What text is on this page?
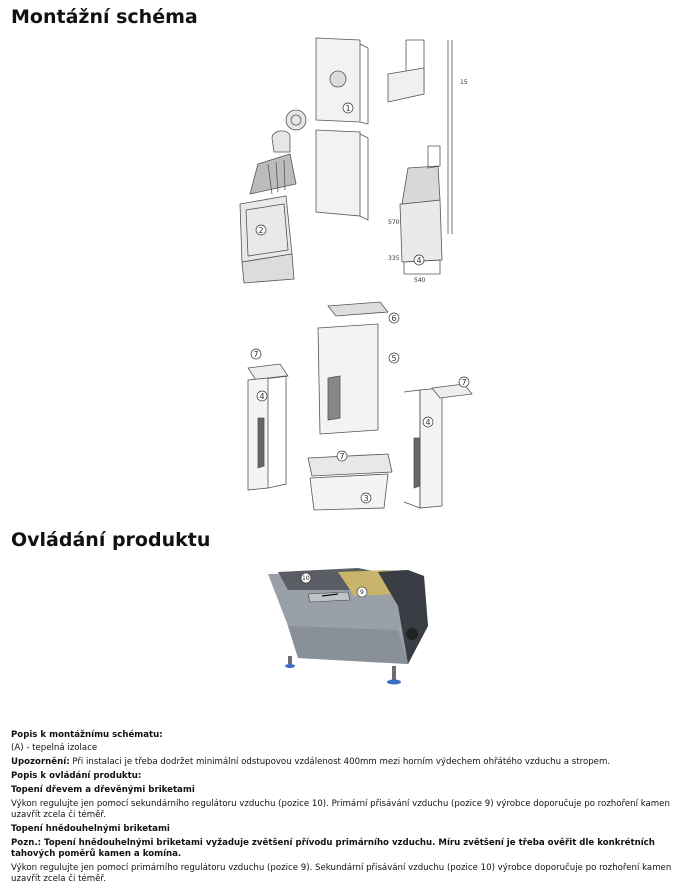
Montážní schéma
1
2
4
570
335
540
15
6
5
7
7
7
4
4
3
Ovládání produktu
10
9
Popis k montážnímu schématu:
(A) - tepelná izolace
Upozornění: Při instalaci je třeba dodržet minimální odstupovou vzdálenost 400mm mezi horním výdechem ohřátého vzduchu a stropem.
Popis k ovládání produktu:
Topení dřevem a dřevěnými briketami
Výkon regulujte jen pomocí sekundárního regulátoru vzduchu (pozice 10). Primární přisávání vzduchu (pozice 9) výrobce doporučuje po rozhoření kamen uzavřít zcela či téměř.
Topení hnědouhelnými briketami
Pozn.: Topení hnědouhelnými briketami vyžaduje zvětšení přívodu primárního vzduchu. Míru zvětšení je třeba ověřit dle konkrétních tahových poměrů kamen a komína.
Výkon regulujte jen pomocí primárního regulátoru vzduchu (pozice 9). Sekundární přisávání vzduchu (pozice 10) výrobce doporučuje po rozhoření kamen uzavřít zcela či téměř.
